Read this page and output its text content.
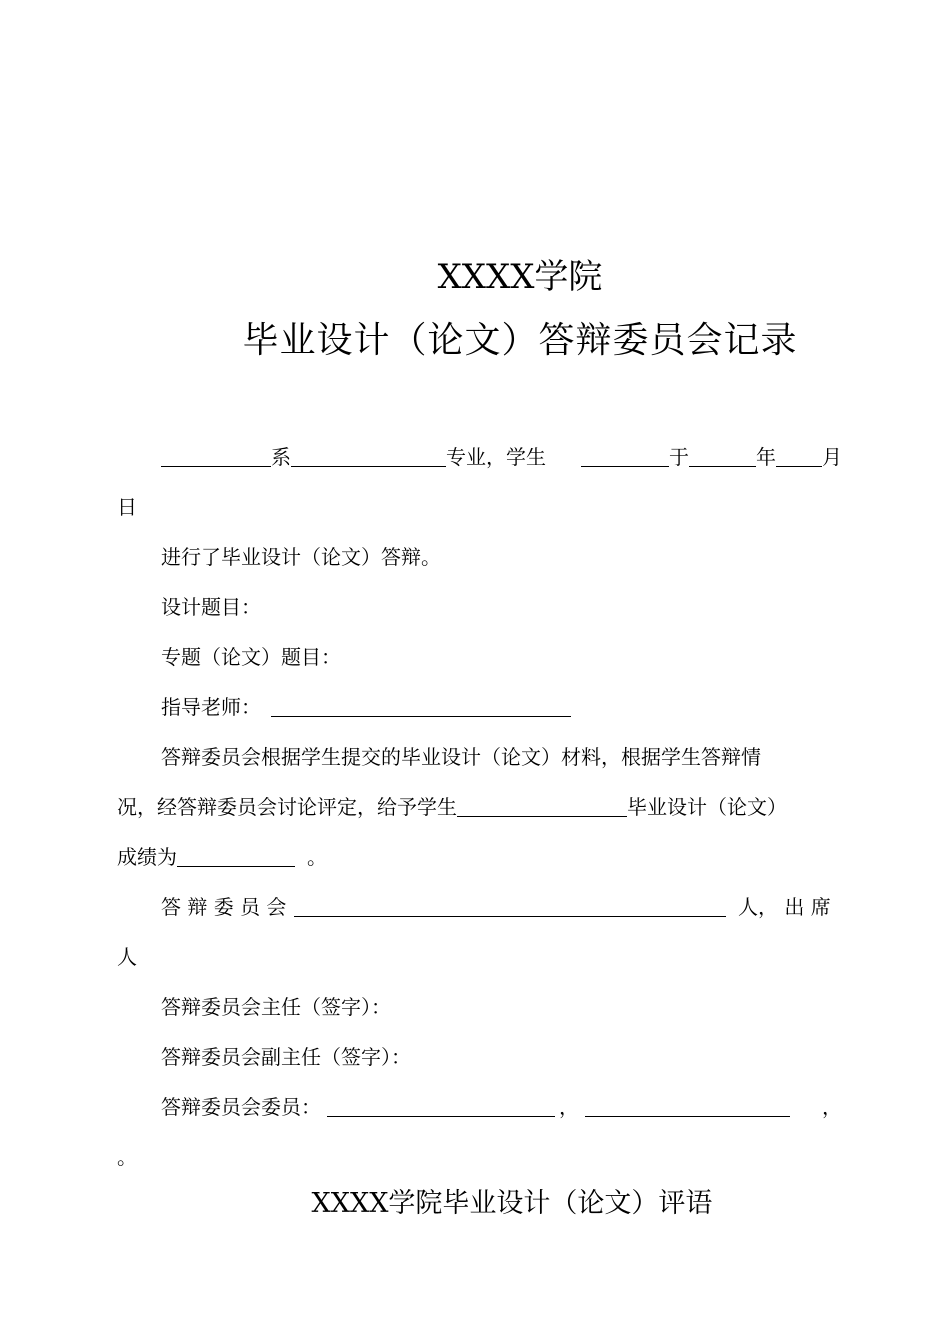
XXXX学院
毕业设计（论文）答辩委员会记录
系	专业，学生	于	年 月
日
进行了毕业设计（论文）答辩。
设计题目：
专题（论文）题目：
指导老师：
答辩委员会根据学生提交的毕业设计（论文）材料，根据学生答辩情
况，经答辩委员会讨论评定，给予学生	毕业设计（论文）
成绩为	。
答 辩 委 员 会	人， 出 席
人
答辩委员会主任（签字）：
答辩委员会副主任（签字）：
答辩委员会委员：	，	，
。
XXXX学院毕业设计（论文）评语
